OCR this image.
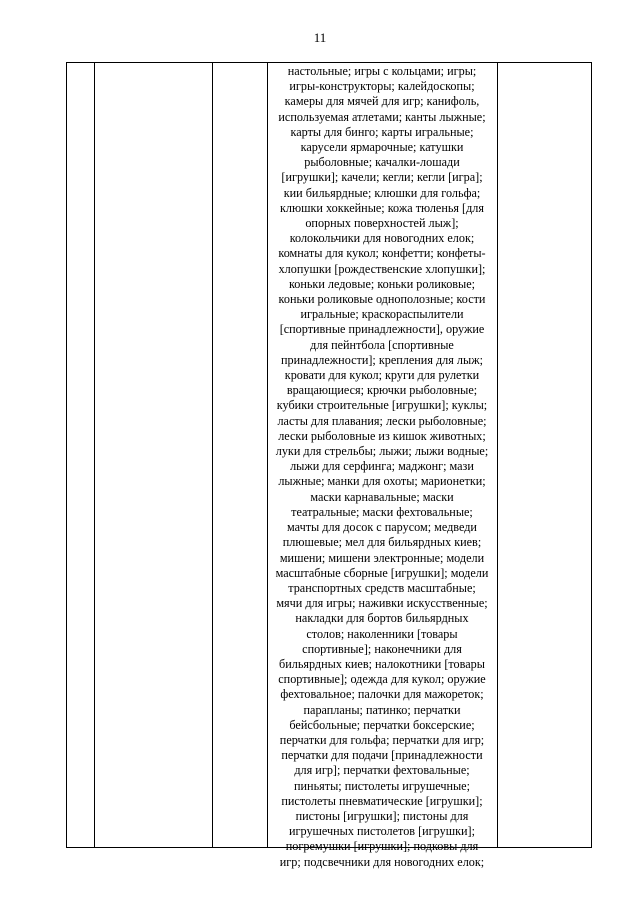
11
настольные; игры с кольцами; игры;
игры-конструкторы; калейдоскопы;
камеры для мячей для игр; канифоль,
используемая атлетами; канты лыжные;
карты для бинго; карты игральные;
карусели ярмарочные; катушки
рыболовные; качалки-лошади
[игрушки]; качели; кегли; кегли [игра];
кии бильярдные; клюшки для гольфа;
клюшки хоккейные; кожа тюленья [для
опорных поверхностей лыж];
колокольчики для новогодних елок;
комнаты для кукол; конфетти; конфеты-
хлопушки [рождественские хлопушки];
коньки ледовые; коньки роликовые;
коньки роликовые однополозные; кости
игральные; краскораспылители
[спортивные принадлежности], оружие
для пейнтбола [спортивные
принадлежности]; крепления для лыж;
кровати для кукол; круги для рулетки
вращающиеся; крючки рыболовные;
кубики строительные [игрушки]; куклы;
ласты для плавания; лески рыболовные;
лески рыболовные из кишок животных;
луки для стрельбы; лыжи; лыжи водные;
лыжи для серфинга; маджонг; мази
лыжные; манки для охоты; марионетки;
маски карнавальные; маски
театральные; маски фехтовальные;
мачты для досок с парусом; медведи
плюшевые; мел для бильярдных киев;
мишени; мишени электронные; модели
масштабные сборные [игрушки]; модели
транспортных средств масштабные;
мячи для игры; наживки искусственные;
накладки для бортов бильярдных
столов; наколенники [товары
спортивные]; наконечники для
бильярдных киев; налокотники [товары
спортивные]; одежда для кукол; оружие
фехтовальное; палочки для мажореток;
парапланы; патинко; перчатки
бейсбольные; перчатки боксерские;
перчатки для гольфа; перчатки для игр;
перчатки для подачи [принадлежности
для игр]; перчатки фехтовальные;
пиньяты; пистолеты игрушечные;
пистолеты пневматические [игрушки];
пистоны [игрушки]; пистоны для
игрушечных пистолетов [игрушки];
погремушки [игрушки]; подковы для
игр; подсвечники для новогодних елок;
